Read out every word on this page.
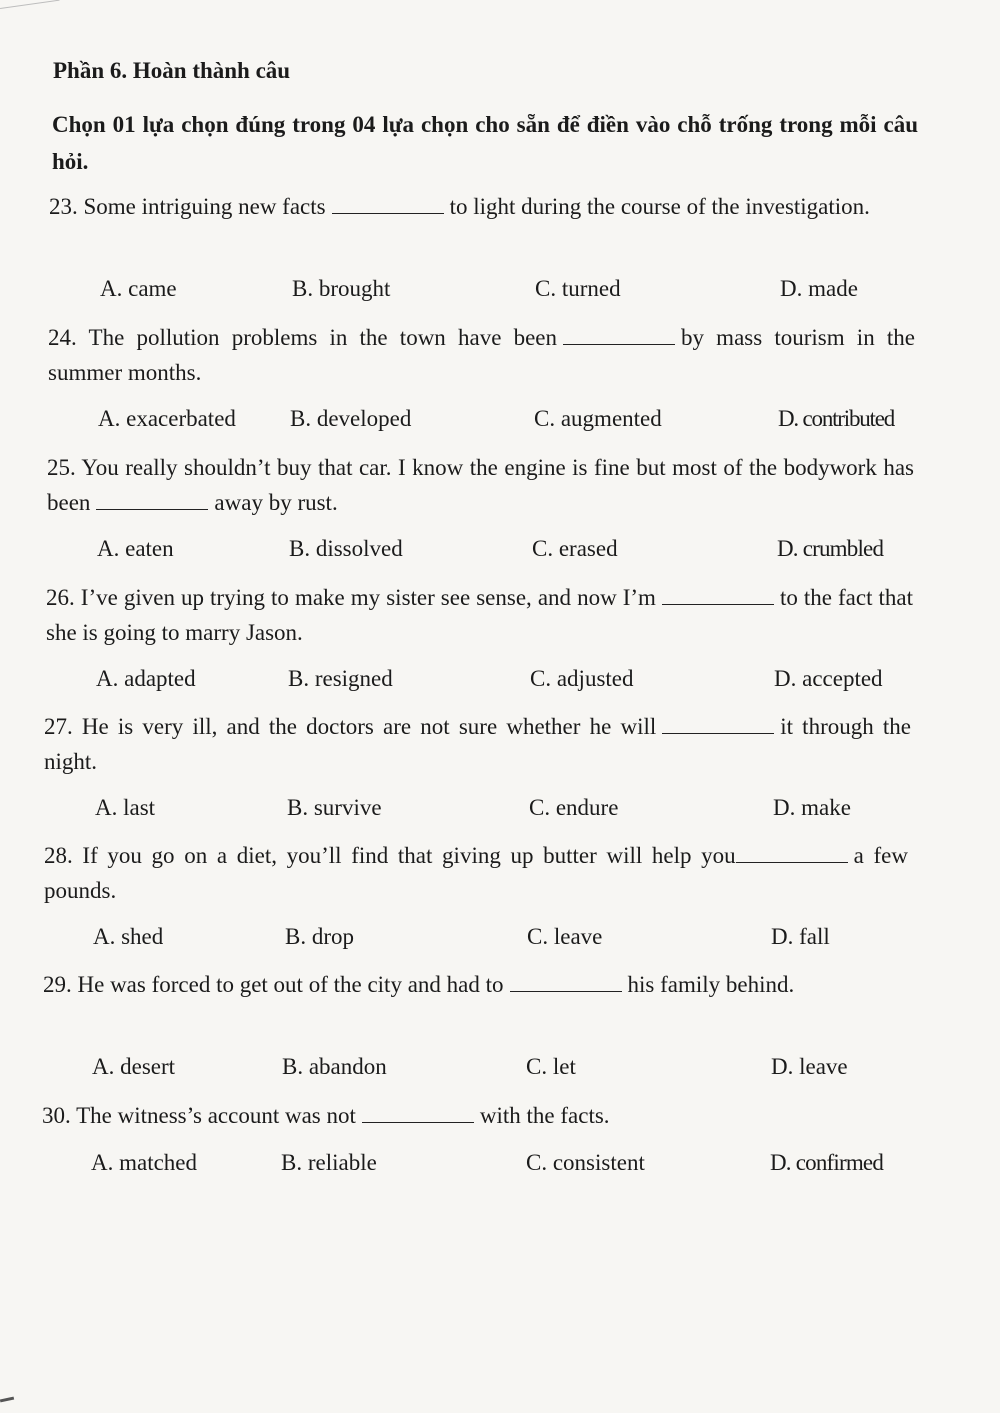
Phần 6. Hoàn thành câu
Chọn 01 lựa chọn đúng trong 04 lựa chọn cho sẵn để điền vào chỗ trống trong mỗi câu hỏi.
23. Some intriguing new facts	to light during the course of the investigation.
A. came	B. brought	C. turned	D. made
24. The pollution problems in the town have been	by mass tourism in the summer months.
A. exacerbated B. developed	C. augmented	D. contributed
25. You really shouldn’t buy that car. I know the engine is fine but most of the bodywork has been	away by rust.
A. eaten	B. dissolved	C. erased	D. crumbled
26. I’ve given up trying to make my sister see sense, and now I’m	to the fact that she is going to marry Jason.
A. adapted	B. resigned	C. adjusted	D. accepted
27. He is very ill, and the doctors are not sure whether he will	it through the night.
A. last	B. survive	C. endure	D. make
28. If you go on a diet, you’ll find that giving up butter will help you	a few pounds.
A. shed	B. drop	C. leave	D. fall
29. He was forced to get out of the city and had to	his family behind.
A. desert	B. abandon	C. let	D. leave
30. The witness’s account was not	with the facts.
A. matched	B. reliable	C. consistent	D. confirmed
